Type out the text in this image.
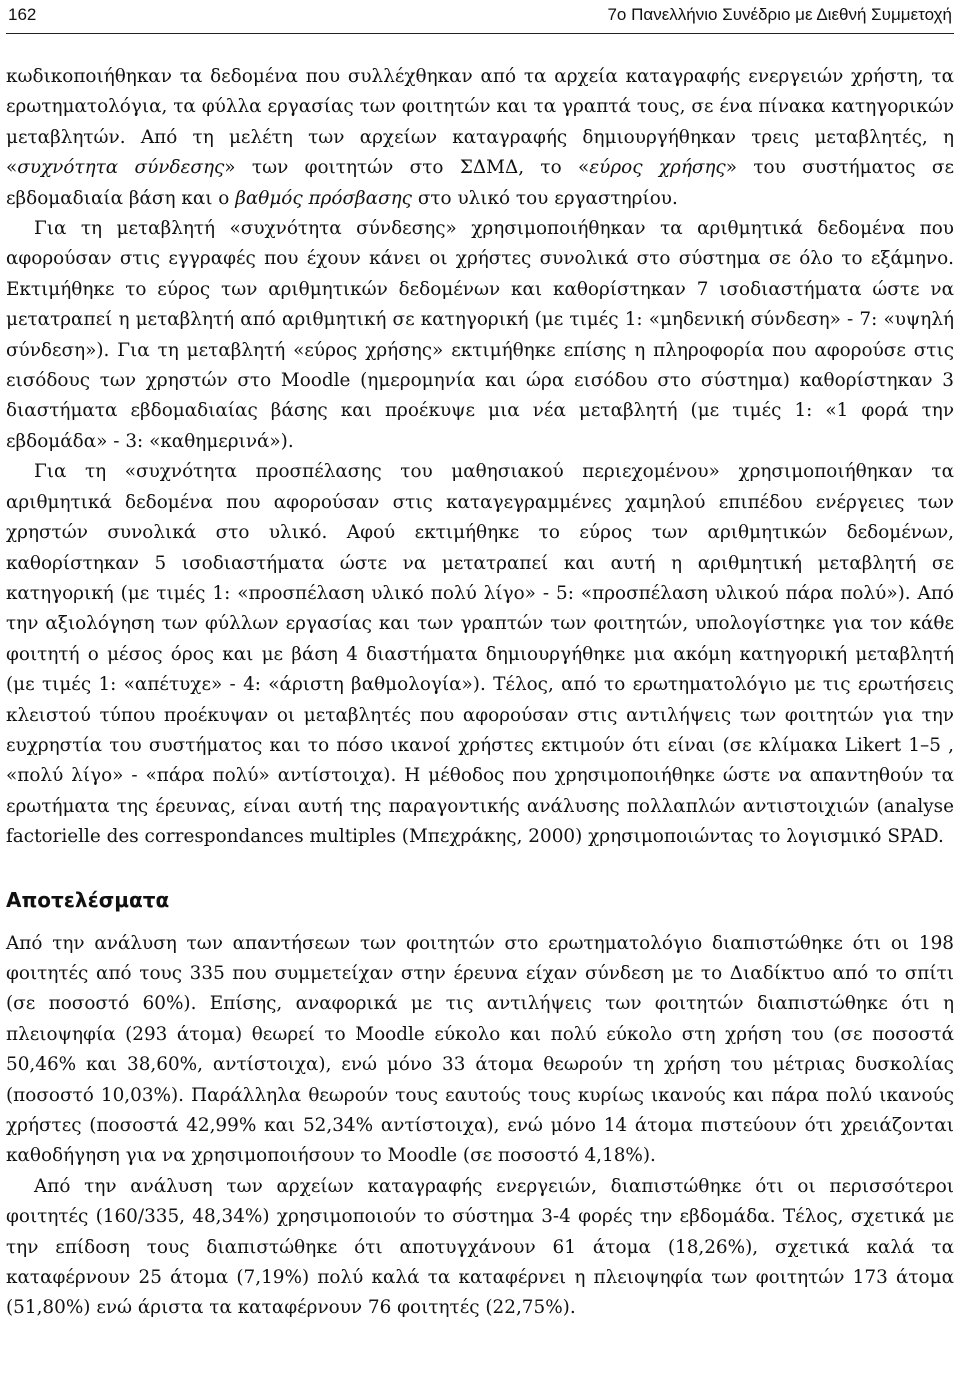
162	7ο Πανελλήνιο Συνέδριο με Διεθνή Συμμετοχή

κωδικοποιήθηκαν τα δεδομένα που συλλέχθηκαν από τα αρχεία καταγραφής ενεργειών χρήστη, τα ερωτηματολόγια, τα φύλλα εργασίας των φοιτητών και τα γραπτά τους, σε ένα πίνακα κατηγορικών μεταβλητών. Από τη μελέτη των αρχείων καταγραφής δημιουργήθηκαν τρεις μεταβλητές, η «συχνότητα σύνδεσης» των φοιτητών στο ΣΔΜΔ, το «εύρος χρήσης» του συστήματος σε εβδομαδιαία βάση και ο βαθμός πρόσβασης στο υλικό του εργαστηρίου.

Για τη μεταβλητή «συχνότητα σύνδεσης» χρησιμοποιήθηκαν τα αριθμητικά δεδομένα που αφορούσαν στις εγγραφές που έχουν κάνει οι χρήστες συνολικά στο σύστημα σε όλο το εξάμηνο. Εκτιμήθηκε το εύρος των αριθμητικών δεδομένων και καθορίστηκαν 7 ισοδιαστήματα ώστε να μετατραπεί η μεταβλητή από αριθμητική σε κατηγορική (με τιμές 1: «μηδενική σύνδεση» - 7: «υψηλή σύνδεση»). Για τη μεταβλητή «εύρος χρήσης» εκτιμήθηκε επίσης η πληροφορία που αφορούσε στις εισόδους των χρηστών στο Moodle (ημερομηνία και ώρα εισόδου στο σύστημα) καθορίστηκαν 3 διαστήματα εβδομαδιαίας βάσης και προέκυψε μια νέα μεταβλητή (με τιμές 1: «1 φορά την εβδομάδα» - 3: «καθημερινά»).

Για τη «συχνότητα προσπέλασης του μαθησιακού περιεχομένου» χρησιμοποιήθηκαν τα αριθμητικά δεδομένα που αφορούσαν στις καταγεγραμμένες χαμηλού επιπέδου ενέργειες των χρηστών συνολικά στο υλικό. Αφού εκτιμήθηκε το εύρος των αριθμητικών δεδομένων, καθορίστηκαν 5 ισοδιαστήματα ώστε να μετατραπεί και αυτή η αριθμητική μεταβλητή σε κατηγορική (με τιμές 1: «προσπέλαση υλικό πολύ λίγο» - 5: «προσπέλαση υλικού πάρα πολύ»). Από την αξιολόγηση των φύλλων εργασίας και των γραπτών των φοιτητών, υπολογίστηκε για τον κάθε φοιτητή ο μέσος όρος και με βάση 4 διαστήματα δημιουργήθηκε μια ακόμη κατηγορική μεταβλητή (με τιμές 1: «απέτυχε» - 4: «άριστη βαθμολογία»). Τέλος, από το ερωτηματολόγιο με τις ερωτήσεις κλειστού τύπου προέκυψαν οι μεταβλητές που αφορούσαν στις αντιλήψεις των φοιτητών για την ευχρηστία του συστήματος και το πόσο ικανοί χρήστες εκτιμούν ότι είναι (σε κλίμακα Likert 1–5 , «πολύ λίγο» - «πάρα πολύ» αντίστοιχα). Η μέθοδος που χρησιμοποιήθηκε ώστε να απαντηθούν τα ερωτήματα της έρευνας, είναι αυτή της παραγοντικής ανάλυσης πολλαπλών αντιστοιχιών (analyse factorielle des correspondances multiples (Μπεχράκης, 2000) χρησιμοποιώντας το λογισμικό SPAD.

Αποτελέσματα

Από την ανάλυση των απαντήσεων των φοιτητών στο ερωτηματολόγιο διαπιστώθηκε ότι οι 198 φοιτητές από τους 335 που συμμετείχαν στην έρευνα είχαν σύνδεση με το Διαδίκτυο από το σπίτι (σε ποσοστό 60%). Επίσης, αναφορικά με τις αντιλήψεις των φοιτητών διαπιστώθηκε ότι η πλειοψηφία (293 άτομα) θεωρεί το Moodle εύκολο και πολύ εύκολο στη χρήση του (σε ποσοστά 50,46% και 38,60%, αντίστοιχα), ενώ μόνο 33 άτομα θεωρούν τη χρήση του μέτριας δυσκολίας (ποσοστό 10,03%). Παράλληλα θεωρούν τους εαυτούς τους κυρίως ικανούς και πάρα πολύ ικανούς χρήστες (ποσοστά 42,99% και 52,34% αντίστοιχα), ενώ μόνο 14 άτομα πιστεύουν ότι χρειάζονται καθοδήγηση για να χρησιμοποιήσουν το Moodle (σε ποσοστό 4,18%).

Από την ανάλυση των αρχείων καταγραφής ενεργειών, διαπιστώθηκε ότι οι περισσότεροι φοιτητές (160/335, 48,34%) χρησιμοποιούν το σύστημα 3-4 φορές την εβδομάδα. Τέλος, σχετικά με την επίδοση τους διαπιστώθηκε ότι αποτυγχάνουν 61 άτομα (18,26%), σχετικά καλά τα καταφέρνουν 25 άτομα (7,19%) πολύ καλά τα καταφέρνει η πλειοψηφία των φοιτητών 173 άτομα (51,80%) ενώ άριστα τα καταφέρνουν 76 φοιτητές (22,75%).
